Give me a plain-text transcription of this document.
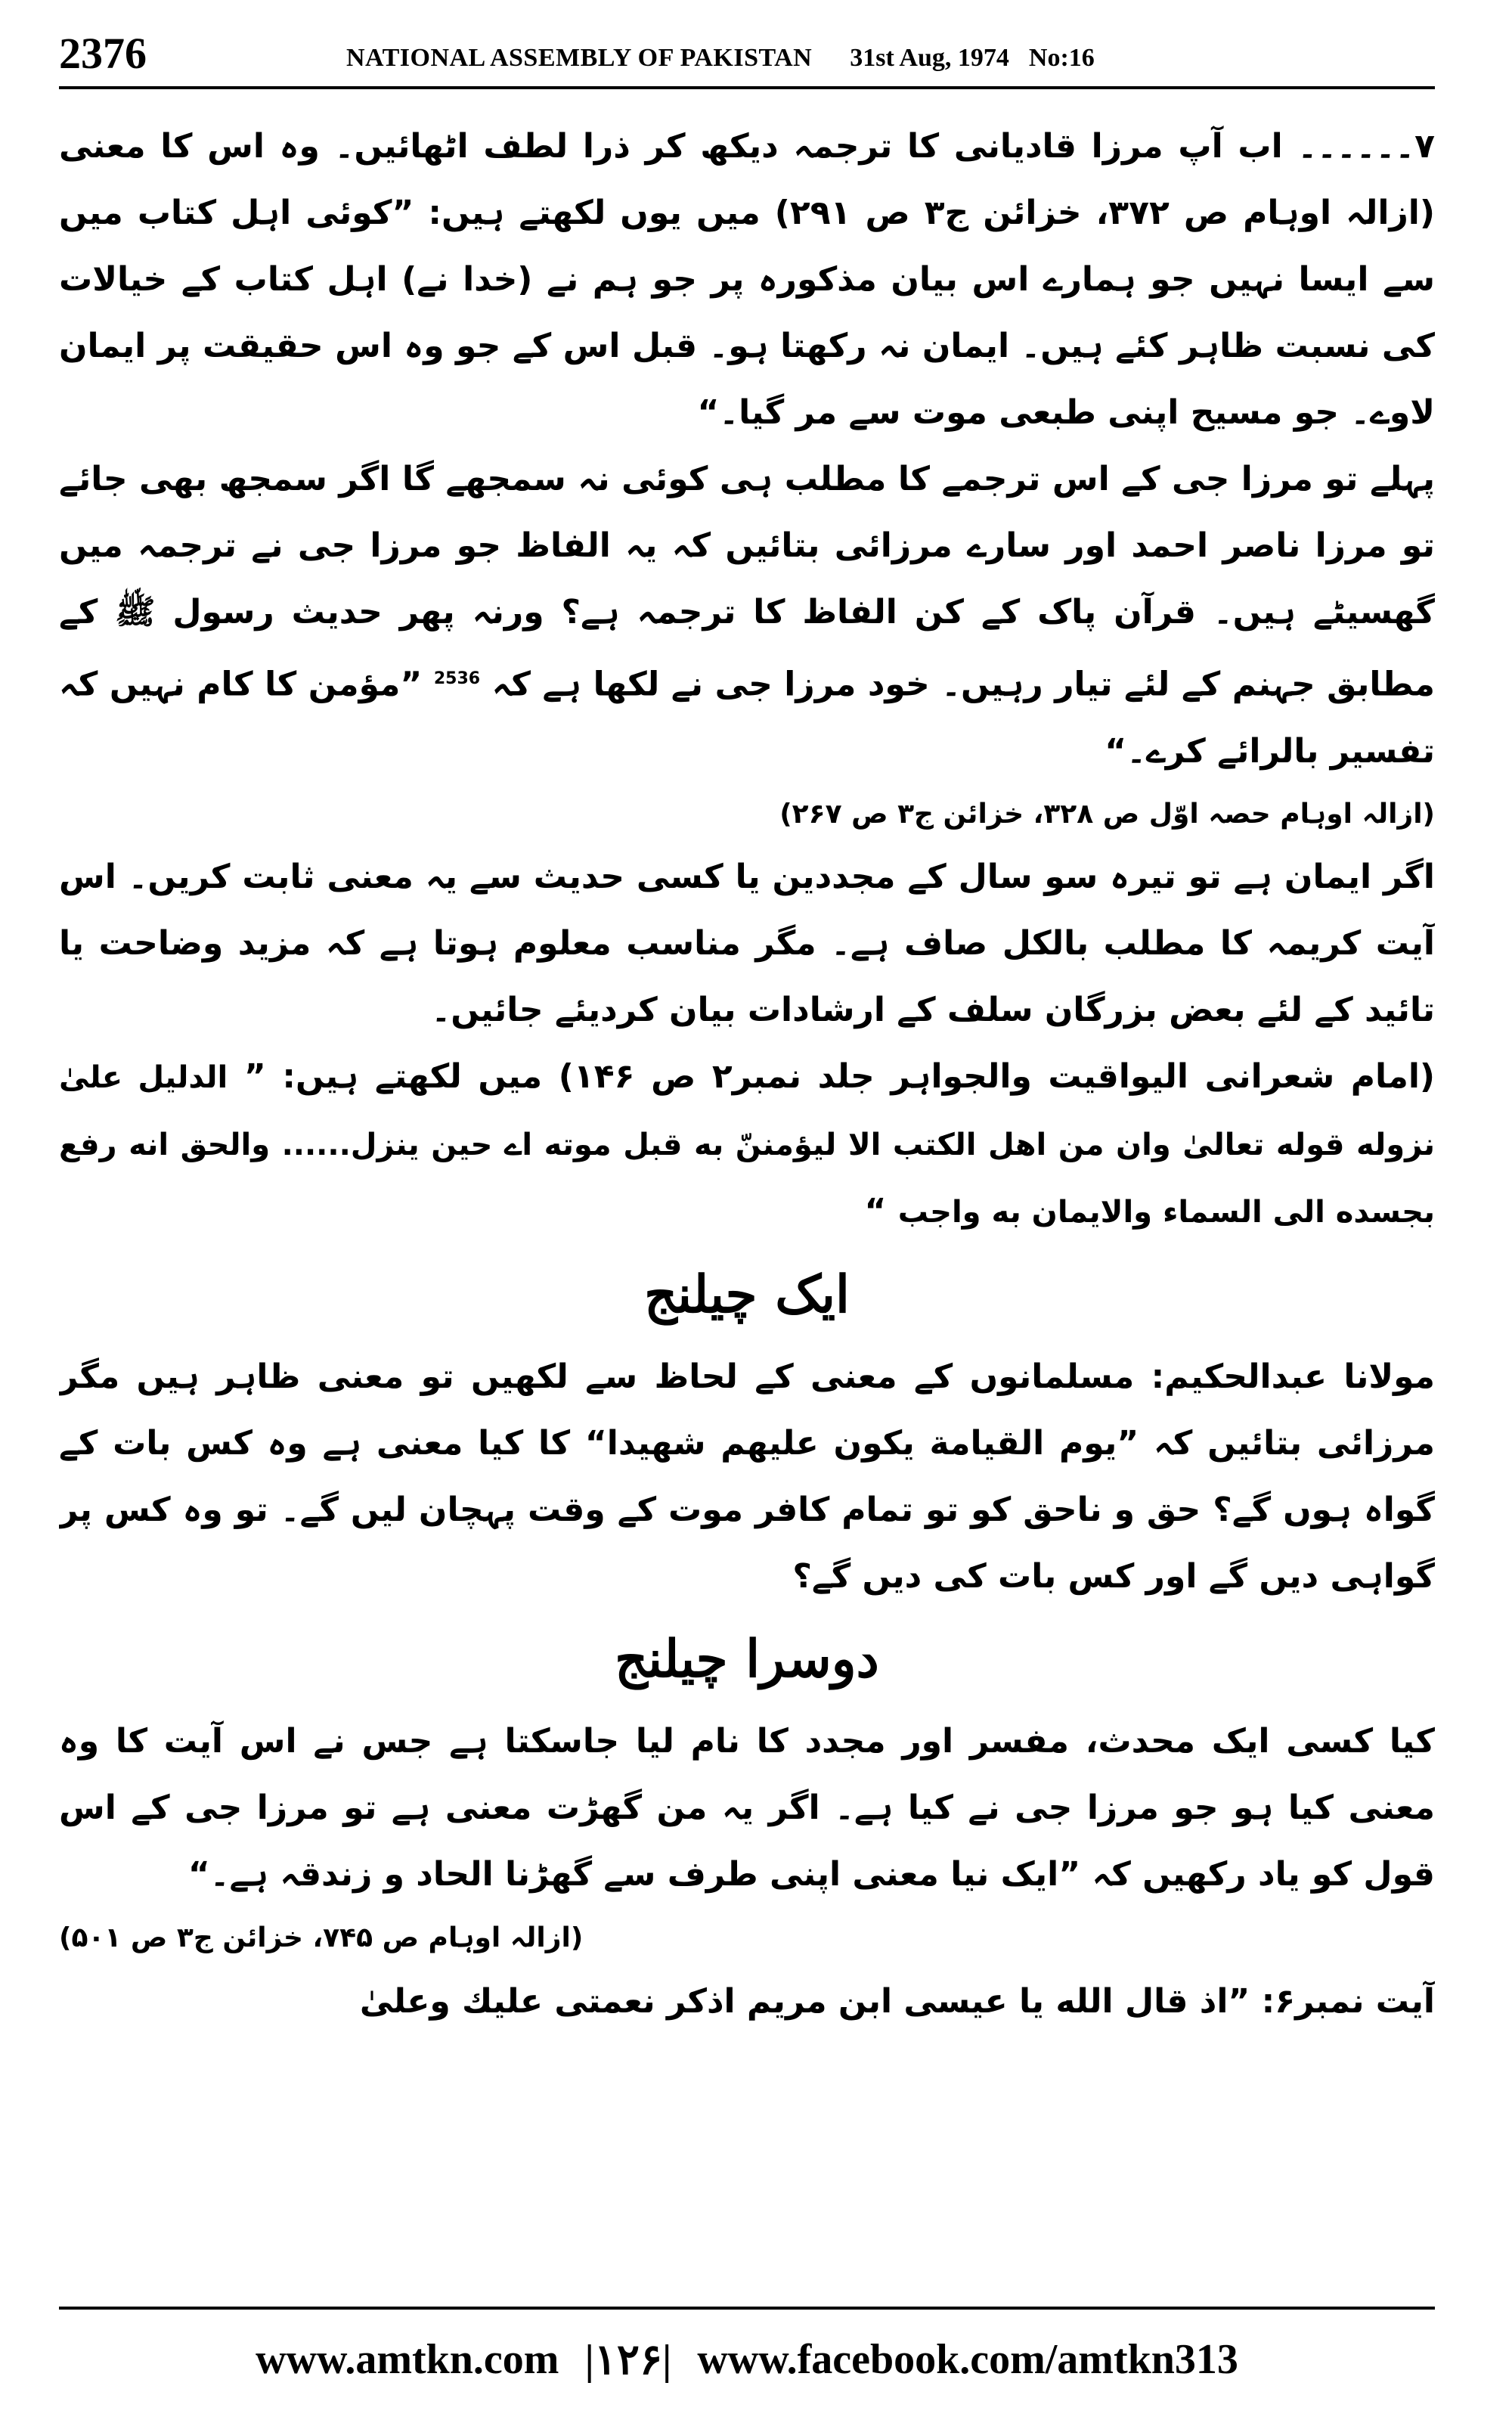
2376	NATIONAL ASSEMBLY OF PAKISTAN 31st Aug, 1974 No:16

۷۔۔۔۔۔۔ اب آپ مرزا قادیانی کا ترجمہ دیکھ کر ذرا لطف اٹھائیں۔ وہ اس کا معنی (ازالہ اوہام ص ۳۷۲، خزائن ج۳ ص ۲۹۱) میں یوں لکھتے ہیں: ”کوئی اہل کتاب میں سے ایسا نہیں جو ہمارے اس بیان مذکورہ پر جو ہم نے (خدا نے) اہل کتاب کے خیالات کی نسبت ظاہر کئے ہیں۔ ایمان نہ رکھتا ہو۔ قبل اس کے جو وہ اس حقیقت پر ایمان لاوے۔ جو مسیح اپنی طبعی موت سے مر گیا۔“

پہلے تو مرزا جی کے اس ترجمے کا مطلب ہی کوئی نہ سمجھے گا اگر سمجھ بھی جائے تو مرزا ناصر احمد اور سارے مرزائی بتائیں کہ یہ الفاظ جو مرزا جی نے ترجمہ میں گھسیٹے ہیں۔ قرآن پاک کے کن الفاظ کا ترجمہ ہے؟ ورنہ پھر حدیث رسول ﷺ کے مطابق جہنم کے لئے تیار رہیں۔ خود مرزا جی نے لکھا ہے کہ $^{2536}$ ”مؤمن کا کام نہیں کہ تفسیر بالرائے کرے۔“

(ازالہ اوہام حصہ اوّل ص ۳۲۸، خزائن ج۳ ص ۲۶۷)

اگر ایمان ہے تو تیرہ سو سال کے مجددین یا کسی حدیث سے یہ معنی ثابت کریں۔ اس آیت کریمہ کا مطلب بالکل صاف ہے۔ مگر مناسب معلوم ہوتا ہے کہ مزید وضاحت یا تائید کے لئے بعض بزرگان سلف کے ارشادات بیان کردیئے جائیں۔

(امام شعرانی الیواقیت والجواہر جلد نمبر۲ ص ۱۴۶) میں لکھتے ہیں: ” الدليل علىٰ نزوله قوله تعالىٰ وان من اهل الكتب الا ليؤمننّ به قبل موته اے حين ينزل...... والحق انه رفع بجسده الى السماء والايمان به واجب “

ایک چیلنج

مولانا عبدالحکیم: مسلمانوں کے معنی کے لحاظ سے لکھیں تو معنی ظاہر ہیں مگر مرزائی بتائیں کہ ”یوم القيامة يكون عليهم شهيدا“ کا کیا معنی ہے وہ کس بات کے گواہ ہوں گے؟ حق و ناحق کو تو تمام کافر موت کے وقت پہچان لیں گے۔ تو وہ کس پر گواہی دیں گے اور کس بات کی دیں گے؟

دوسرا چیلنج

کیا کسی ایک محدث، مفسر اور مجدد کا نام لیا جاسکتا ہے جس نے اس آیت کا وہ معنی کیا ہو جو مرزا جی نے کیا ہے۔ اگر یہ من گھڑت معنی ہے تو مرزا جی کے اس قول کو یاد رکھیں کہ ”ایک نیا معنی اپنی طرف سے گھڑنا الحاد و زندقہ ہے۔“

(ازالہ اوہام ص ۷۴۵، خزائن ج۳ ص ۵۰۱)

آیت نمبر۶: ”اذ قال الله يا عيسى ابن مريم اذكر نعمتى عليك وعلىٰ

www.amtkn.com |۱۲۶| www.facebook.com/amtkn313
